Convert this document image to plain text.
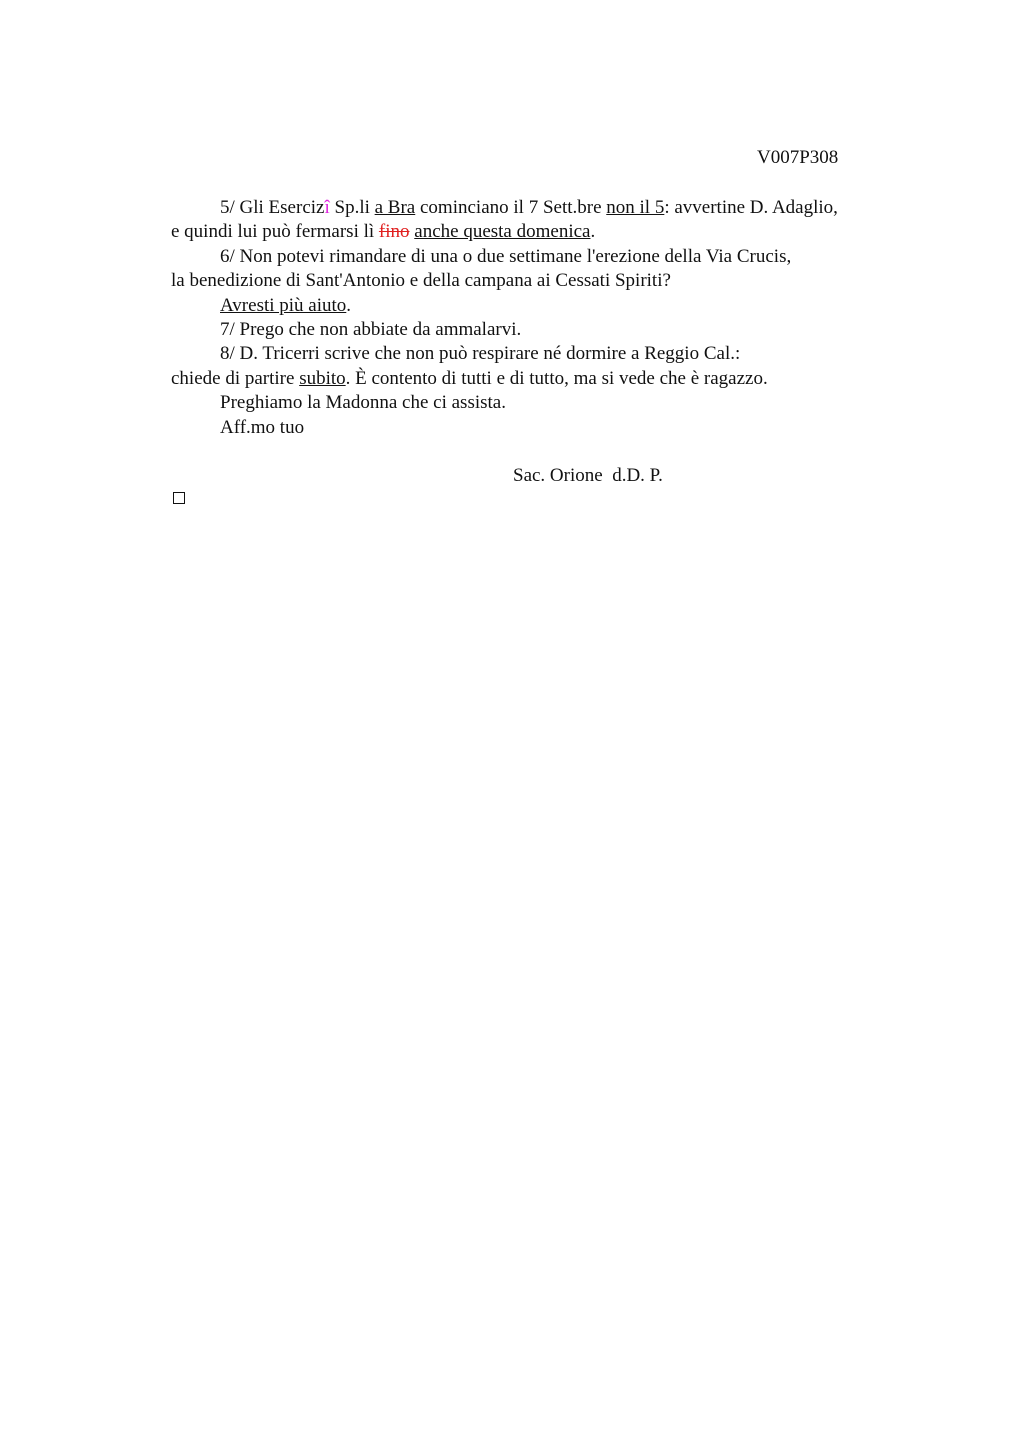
V007P308
5/ Gli Esercizî Sp.li a Bra cominciano il 7 Sett.bre non il 5: avvertine D. Adaglio,
e quindi lui può fermarsi lì fino anche questa domenica.
6/ Non potevi rimandare di una o due settimane l'erezione della Via Crucis,
la benedizione di Sant'Antonio e della campana ai Cessati Spiriti?
Avresti più aiuto.
7/ Prego che non abbiate da ammalarvi.
8/ D. Tricerri scrive che non può respirare né dormire a Reggio Cal.:
chiede di partire subito. È contento di tutti e di tutto, ma si vede che è ragazzo.
Preghiamo la Madonna che ci assista.
Aff.mo tuo
Sac. Orione  d.D. P.
